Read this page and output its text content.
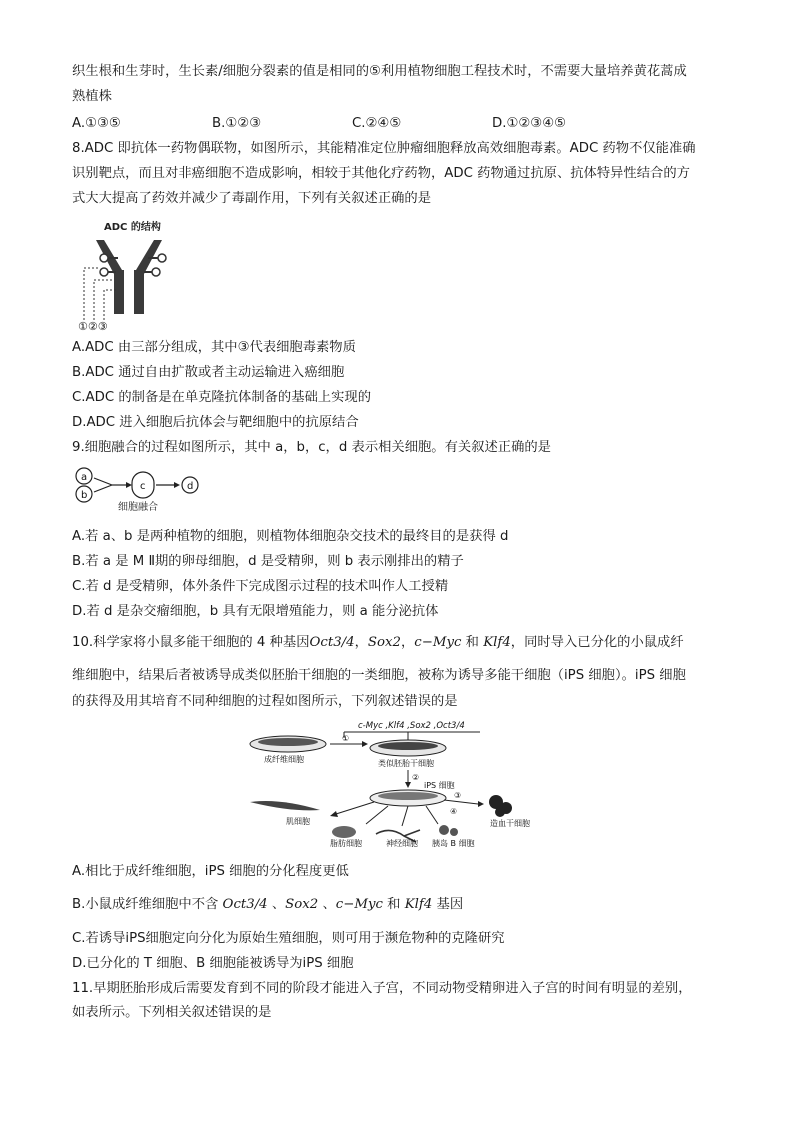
织生根和生芽时，生长素/细胞分裂素的值是相同的⑤利用植物细胞工程技术时，不需要大量培养黄花蒿成
熟植株
A.①③⑤	B.①②③	C.②④⑤	D.①②③④⑤
8.ADC 即抗体一药物偶联物，如图所示，其能精准定位肿瘤细胞释放高效细胞毒素。ADC 药物不仅能准确
识别靶点，而且对非癌细胞不造成影响，相较于其他化疗药物，ADC 药物通过抗原、抗体特异性结合的方
式大大提高了药效并减少了毒副作用，下列有关叙述正确的是
ADC 的结构
①②③
A.ADC 由三部分组成，其中③代表细胞毒素物质
B.ADC 通过自由扩散或者主动运输进入癌细胞
C.ADC 的制备是在单克隆抗体制备的基础上实现的
D.ADC 进入细胞后抗体会与靶细胞中的抗原结合
9.细胞融合的过程如图所示，其中 a，b，c，d 表示相关细胞。有关叙述正确的是
a
b
c	d
细胞融合
A.若 a、b 是两种植物的细胞，则植物体细胞杂交技术的最终目的是获得 d
B.若 a 是 M Ⅱ期的卵母细胞，d 是受精卵，则 b 表示刚排出的精子
C.若 d 是受精卵，体外条件下完成图示过程的技术叫作人工授精
D.若 d 是杂交瘤细胞，b 具有无限增殖能力，则 a 能分泌抗体
10.科学家将小鼠多能干细胞的 4 种基因Oct3/4，Sox2，c−Myc 和 Klf4，同时导入已分化的小鼠成纤
维细胞中，结果后者被诱导成类似胚胎干细胞的一类细胞，被称为诱导多能干细胞（iPS 细胞）。iPS 细胞
的获得及用其培育不同种细胞的过程如图所示，下列叙述错误的是
c-Myc ,Klf4 ,Sox2 ,Oct3/4
成纤维细胞
①
类似胚胎干细胞
②
iPS 细胞
③
④
肌细胞
脂肪细胞	神经细胞 胰岛 B 细胞
造血干细胞
A.相比于成纤维细胞，iPS 细胞的分化程度更低
B.小鼠成纤维细胞中不含 Oct3/4 、Sox2 、c−Myc 和 Klf4 基因
C.若诱导iPS细胞定向分化为原始生殖细胞，则可用于濒危物种的克隆研究
D.已分化的 T 细胞、B 细胞能被诱导为iPS 细胞
11.早期胚胎形成后需要发育到不同的阶段才能进入子宫，不同动物受精卵进入子宫的时间有明显的差别，
如表所示。下列相关叙述错误的是
